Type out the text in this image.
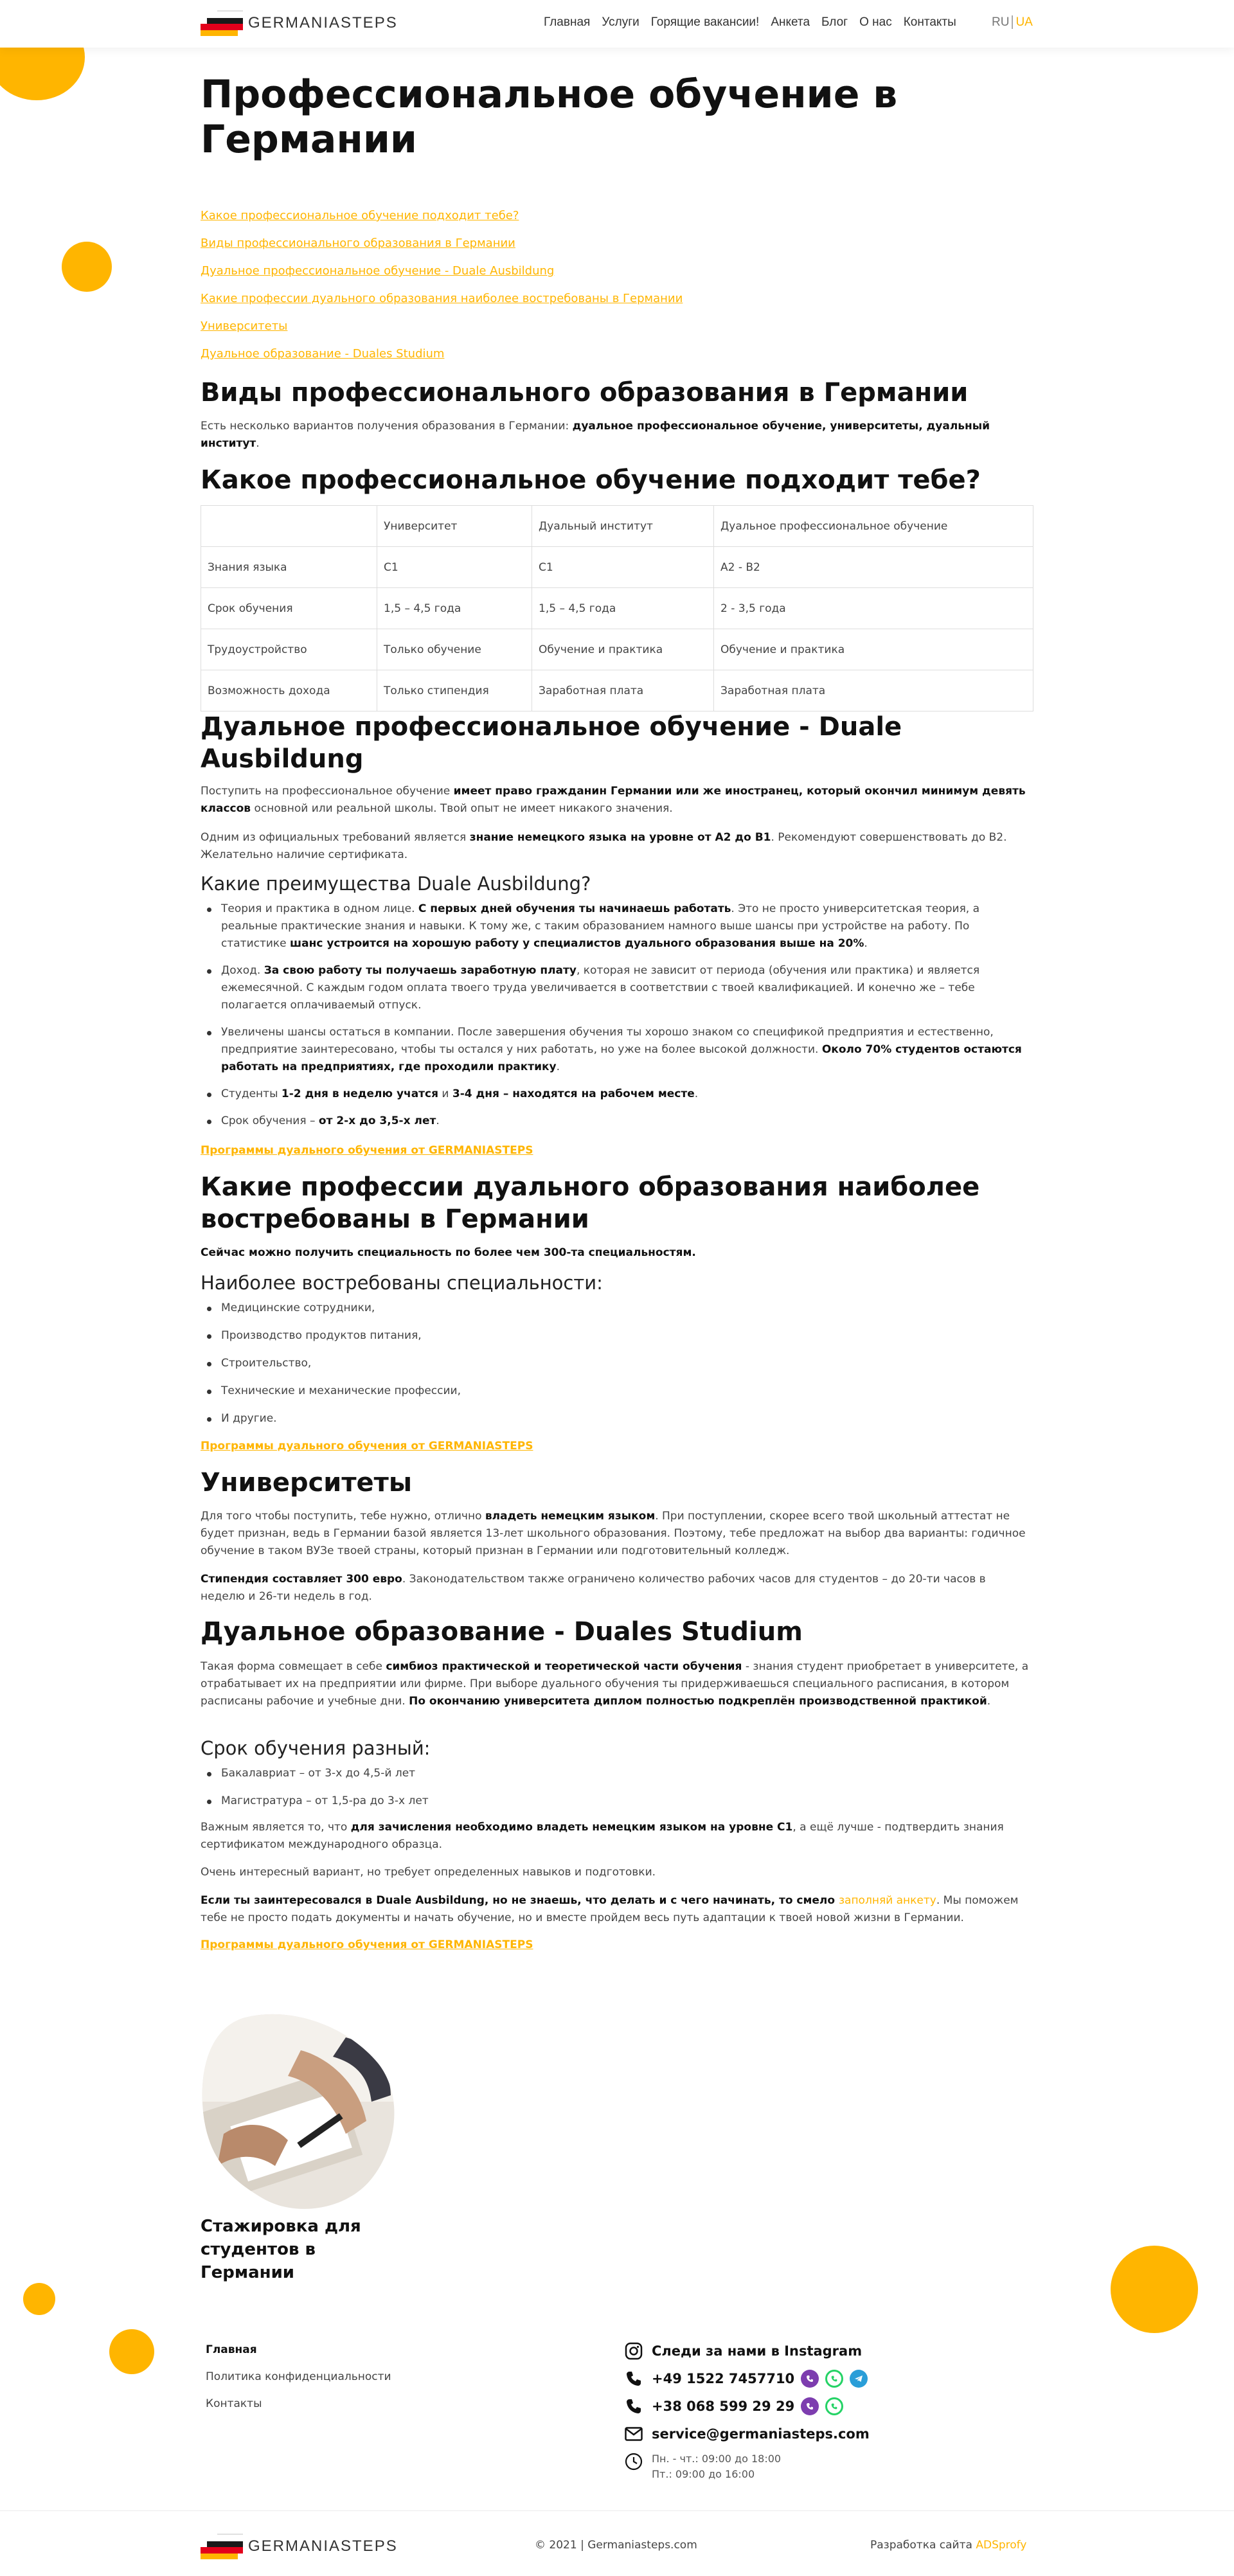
GERMANIASTEPS	Главная Услуги Горящие вакансии! Анкета Блог О нас Контакты	RU UA
Профессиональное обучение в Германии
Какое профессиональное обучение подходит тебе?
Виды профессионального образования в Германии
Дуальное профессиональное обучение - Duale Ausbildung
Какие профессии дуального образования наиболее востребованы в Германии
Университеты
Дуальное образование - Duales Studium
Виды профессионального образования в Германии

Есть несколько вариантов получения образования в Германии: дуальное профессиональное обучение, университеты, дуальный институт.

Какое профессиональное обучение подходит тебе?
	Университет	Дуальный институт	Дуальное профессиональное обучение
Знания языка	C1	C1	A2 - B2
Срок обучения	1,5 – 4,5 года	1,5 – 4,5 года	2 - 3,5 года
Трудоустройство	Только обучение	Обучение и практика	Обучение и практика
Возможность дохода	Только стипендия	Заработная плата	Заработная плата
Дуальное профессиональное обучение - Duale Ausbildung

Поступить на профессиональное обучение имеет право гражданин Германии или же иностранец, который окончил минимум девять классов основной или реальной школы. Твой опыт не имеет никакого значения.

Одним из официальных требований является знание немецкого языка на уровне от A2 до B1. Рекомендуют совершенствовать до B2. Желательно наличие сертификата.

Какие преимущества Duale Ausbildung?
Теория и практика в одном лице. С первых дней обучения ты начинаешь работать. Это не просто университетская теория, а реальные практические знания и навыки. К тому же, с таким образованием намного выше шансы при устройстве на работу. По статистике шанс устроится на хорошую работу у специалистов дуального образования выше на 20%.
Доход. За свою работу ты получаешь заработную плату, которая не зависит от периода (обучения или практика) и является ежемесячной. С каждым годом оплата твоего труда увеличивается в соответствии с твоей квалификацией. И конечно же – тебе полагается оплачиваемый отпуск.
Увеличены шансы остаться в компании. После завершения обучения ты хорошо знаком со спецификой предприятия и естественно, предприятие заинтересовано, чтобы ты остался у них работать, но уже на более высокой должности. Около 70% студентов остаются работать на предприятиях, где проходили практику.
Студенты 1-2 дня в неделю учатся и 3-4 дня – находятся на рабочем месте.
Срок обучения – от 2-х до 3,5-х лет.
Программы дуального обучения от GERMANIASTEPS
Какие профессии дуального образования наиболее востребованы в Германии

Сейчас можно получить специальность по более чем 300-та специальностям.

Наиболее востребованы специальности:
Медицинские сотрудники,
Производство продуктов питания,
Строительство,
Технические и механические профессии,
И другие.
Программы дуального обучения от GERMANIASTEPS
Университеты

Для того чтобы поступить, тебе нужно, отлично владеть немецким языком. При поступлении, скорее всего твой школьный аттестат не будет признан, ведь в Германии базой является 13-лет школьного образования. Поэтому, тебе предложат на выбор два варианты: годичное обучение в таком ВУЗе твоей страны, который признан в Германии или подготовительный колледж.

Стипендия составляет 300 евро. Законодательством также ограничено количество рабочих часов для студентов – до 20-ти часов в неделю и 26-ти недель в год.

Дуальное образование - Duales Studium

Такая форма совмещает в себе симбиоз практической и теоретической части обучения - знания студент приобретает в университете, а отрабатывает их на предприятии или фирме. При выборе дуального обучения ты придерживаешься специального расписания, в котором расписаны рабочие и учебные дни. По окончанию университета диплом полностью подкреплён производственной практикой.

Срок обучения разный:
Бакалавриат – от 3-х до 4,5-й лет
Магистратура – от 1,5-ра до 3-х лет

Важным является то, что для зачисления необходимо владеть немецким языком на уровне С1, а ещё лучше - подтвердить знания сертификатом международного образца.

Очень интересный вариант, но требует определенных навыков и подготовки.

Если ты заинтересовался в Duale Ausbildung, но не знаешь, что делать и с чего начинать, то смело заполняй анкету. Мы поможем тебе не просто подать документы и начать обучение, но и вместе пройдем весь путь адаптации к твоей новой жизни в Германии.

Программы дуального обучения от GERMANIASTEPS
Стажировка для студентов в Германии
Главная
Политика конфиденциальности
Контакты
Следи за нами в Instagram
+49 1522 7457710
+38 068 599 29 29
service@germaniasteps.com
Пн. - чт.: 09:00 до 18:00
Пт.: 09:00 до 16:00
GERMANIASTEPS	© 2021 | Germaniasteps.com	Разработка сайта ADSprofy
